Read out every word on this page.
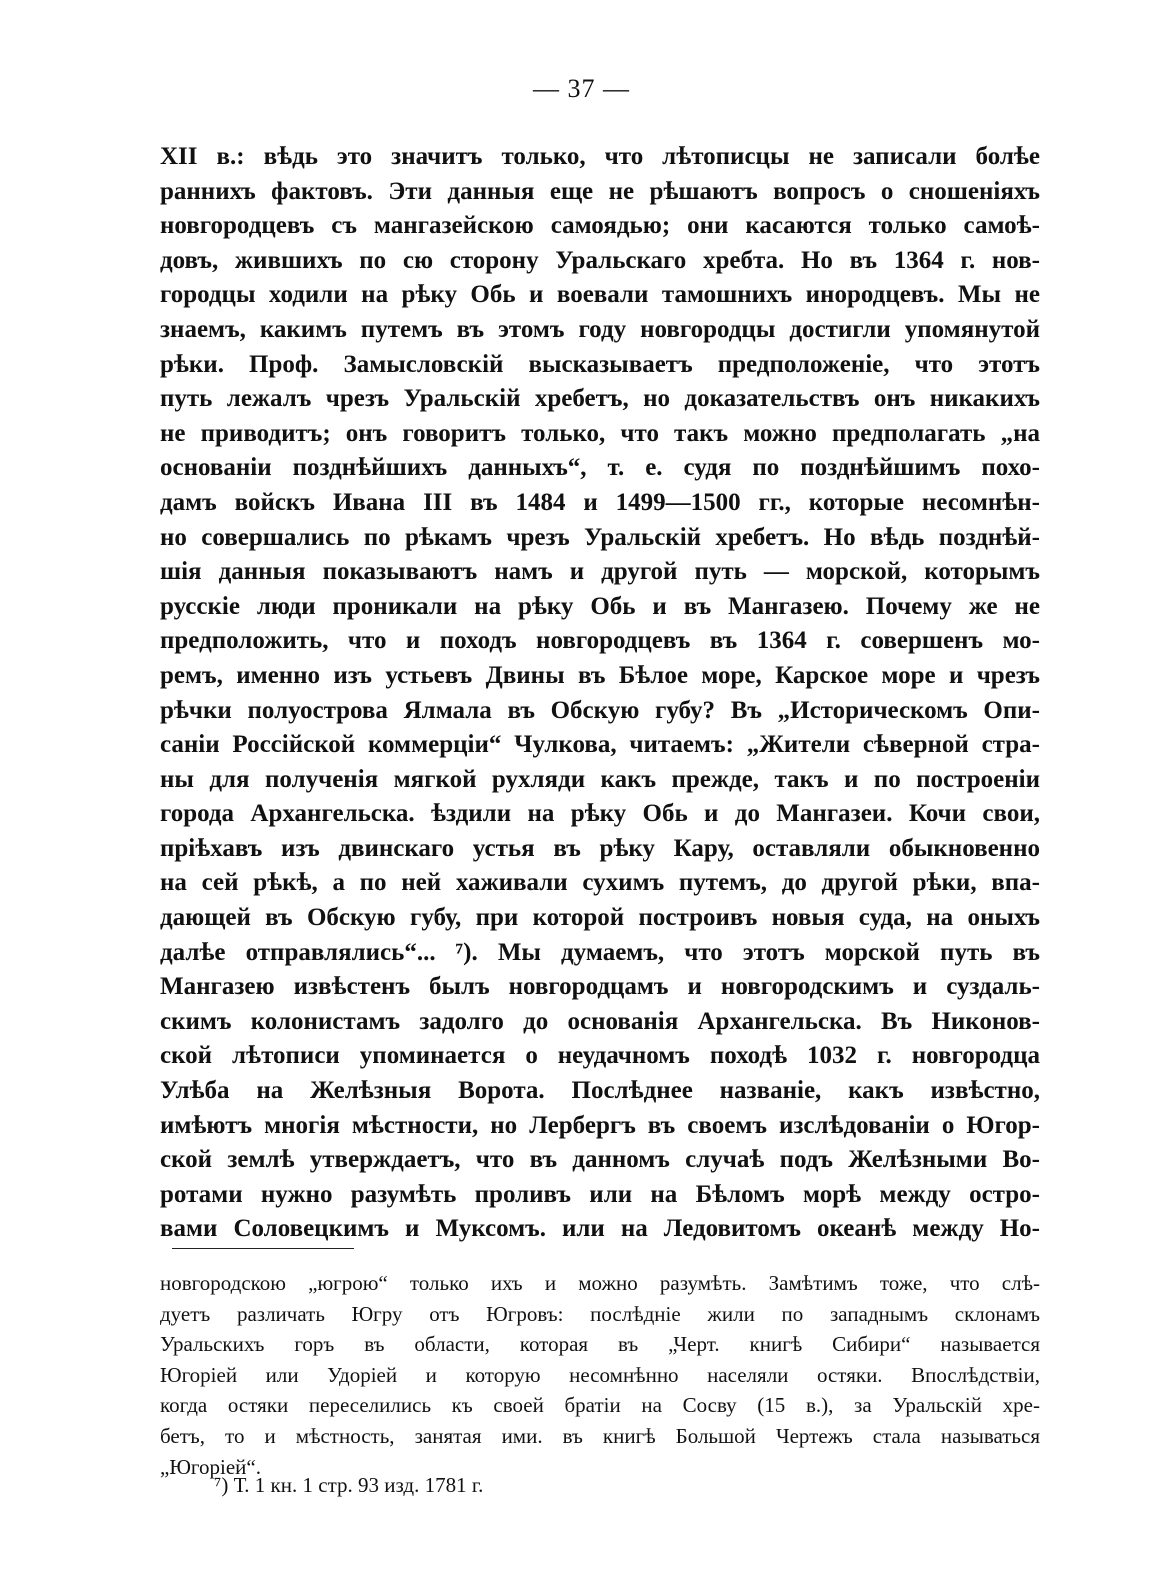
— 37 —
XII в.: вѣдь это значитъ только, что лѣтописцы не записали болѣе
раннихъ фактовъ. Эти данныя еще не рѣшаютъ вопросъ о сношеніяхъ
новгородцевъ съ мангазейскою самоядью; они касаются только самоѣ-
довъ, жившихъ по сю сторону Уральскаго хребта. Но въ 1364 г. нов-
городцы ходили на рѣку Обь и воевали тамошнихъ инородцевъ. Мы не
знаемъ, какимъ путемъ въ этомъ году новгородцы достигли упомянутой
рѣки. Проф. Замысловскій высказываетъ предположеніе, что этотъ
путь лежалъ чрезъ Уральскій хребетъ, но доказательствъ онъ никакихъ
не приводитъ; онъ говоритъ только, что такъ можно предполагать „на
основаніи позднѣйшихъ данныхъ“, т. е. судя по позднѣйшимъ похо-
дамъ войскъ Ивана III въ 1484 и 1499—1500 гг., которые несомнѣн-
но совершались по рѣкамъ чрезъ Уральскій хребетъ. Но вѣдь позднѣй-
шія данныя показываютъ намъ и другой путь — морской, которымъ
русскіе люди проникали на рѣку Обь и въ Мангазею. Почему же не
предположить, что и походъ новгородцевъ въ 1364 г. совершенъ мо-
ремъ, именно изъ устьевъ Двины въ Бѣлое море, Карское море и чрезъ
рѣчки полуострова Ялмала въ Обскую губу? Въ „Историческомъ Опи-
саніи Россійской коммерціи“ Чулкова, читаемъ: „Жители сѣверной стра-
ны для полученія мягкой рухляди какъ прежде, такъ и по построеніи
города Архангельска. ѣздили на рѣку Обь и до Мангазеи. Кочи свои,
пріѣхавъ изъ двинскаго устья въ рѣку Кару, оставляли обыкновенно
на сей рѣкѣ, а по ней хаживали сухимъ путемъ, до другой рѣки, впа-
дающей въ Обскую губу, при которой построивъ новыя суда, на оныхъ
далѣе отправлялись“... ⁷). Мы думаемъ, что этотъ морской путь въ
Мангазею извѣстенъ былъ новгородцамъ и новгородскимъ и суздаль-
скимъ колонистамъ задолго до основанія Архангельска. Въ Никонов-
ской лѣтописи упоминается о неудачномъ походѣ 1032 г. новгородца
Улѣба на Желѣзныя Ворота. Послѣднее названіе, какъ извѣстно,
имѣютъ многія мѣстности, но Лербергъ въ своемъ изслѣдованіи о Югор-
ской землѣ утверждаетъ, что въ данномъ случаѣ подъ Желѣзными Во-
ротами нужно разумѣть проливъ или на Бѣломъ морѣ между остро-
вами Соловецкимъ и Муксомъ. или на Ледовитомъ океанѣ между Но-
новгородскою „югрою“ только ихъ и можно разумѣть. Замѣтимъ тоже, что слѣ-
дуетъ различать Югру отъ Югровъ: послѣдніе жили по западнымъ склонамъ
Уральскихъ горъ въ области, которая въ „Черт. книгѣ Сибири“ называется
Югоріей или Удоріей и которую несомнѣнно населяли остяки. Впослѣдствіи,
когда остяки переселились къ своей братіи на Сосву (15 в.), за Уральскій хре-
бетъ, то и мѣстность, занятая ими. въ книгѣ Большой Чертежъ стала называться
„Югоріей“.
⁷) Т. 1 кн. 1 стр. 93 изд. 1781 г.
